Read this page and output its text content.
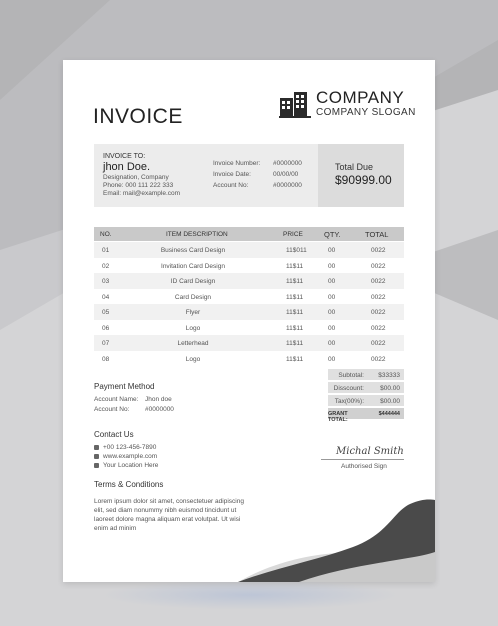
INVOICE
COMPANY
COMPANY SLOGAN
INVOICE TO:
jhon Doe.
Designation, Company
Phone: 000 111 222 333
Email: mail@example.com
Invoice Number: #0000000
Invoice Date:	00/00/00
Account No:	#0000000
Total Due
$90999.00
NO.	ITEM DESCRIPTION	PRICE	QTY.	TOTAL
Subtotal: $33333
Disscount: $00.00
Tax(00%): $00.00
GRANT TOTAL:
$444444
Payment Method
Account Name: Jhon doe
Account No: #0000000
Contact Us
+00 123-456-7890
www.example.com
Your Location Here
Michal Smith
Authorised Sign
Terms & Conditions
Lorem ipsum dolor sit amet, consectetuer adipiscing
elit, sed diam nonummy nibh euismod tincidunt ut
laoreet dolore magna aliquam erat volutpat. Ut wisi
enim ad minim
01	Business Card Design	11$011	00	0022
02	Invitation Card Design	11$11	00	0022
03	ID Card Design	11$11	00	0022
04	Card Design	11$11	00	0022
05	Flyer	11$11	00	0022
06	Logo	11$11	00	0022
07	Letterhead	11$11	00	0022
08	Logo	11$11	00	0022
